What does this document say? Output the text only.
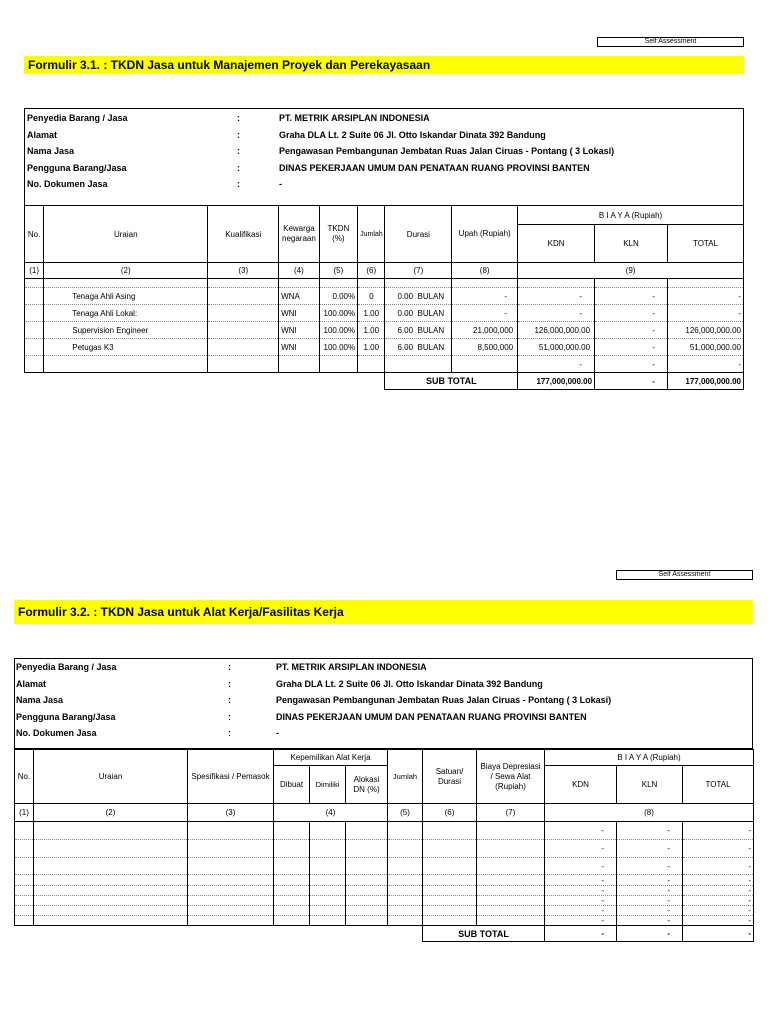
Self Assessment
Formulir 3.1. : TKDN Jasa untuk Manajemen Proyek dan Perekayasaan
Penyedia Barang / Jasa	:	PT. METRIK ARSIPLAN INDONESIA
Alamat	:	Graha DLA Lt. 2 Suite 06 Jl. Otto Iskandar Dinata 392 Bandung
Nama Jasa	:	Pengawasan Pembangunan Jembatan Ruas Jalan Ciruas - Pontang ( 3 Lokasi)
Pengguna Barang/Jasa	:	DINAS PEKERJAAN UMUM DAN PENATAAN RUANG PROVINSI BANTEN
No. Dokumen Jasa	:	-
No.	Uraian	Kualifikasi	Kewarga negaraan	TKDN (%)	Jumlah	Durasi	Upah (Rupiah)	B I A Y A (Rupiah)		
								KDN	KLN	TOTAL
(1)	(2)	(3)	(4)	(5)	(6)	(7)	(8)	(9)		

	Tenaga Ahli Asing		WNA	0.00%	0	0.00 BULAN	-	-	-	-
	Tenaga Ahli Lokal:		WNI	100.00%	1.00	0.00 BULAN	-	-	-	-
	Supervision Engineer		WNI	100.00%	1.00	6.00 BULAN	21,000,000	126,000,000.00	-	126,000,000.00
	Petugas K3		WNI	100.00%	1.00	6.00 BULAN	8,500,000	51,000,000.00	-	51,000,000.00
								-	-	-
						SUB TOTAL		177,000,000.00	-	177,000,000.00
Self Assessment
Formulir 3.2. : TKDN Jasa untuk Alat Kerja/Fasilitas Kerja
Penyedia Barang / Jasa	:	PT. METRIK ARSIPLAN INDONESIA
Alamat	:	Graha DLA Lt. 2 Suite 06 Jl. Otto Iskandar Dinata 392 Bandung
Nama Jasa	:	Pengawasan Pembangunan Jembatan Ruas Jalan Ciruas - Pontang ( 3 Lokasi)
Pengguna Barang/Jasa	:	DINAS PEKERJAAN UMUM DAN PENATAAN RUANG PROVINSI BANTEN
No. Dokumen Jasa	:	-
No.	Uraian	Spesifikasi / Pemasok	Kepemilikan Alat Kerja			Jumlah	Satuan/ Durasi	Biaya Depresiasi / Sewa Alat (Rupiah)	B I A Y A (Rupiah)		
			Dibuat	Dimiliki	Alokasi DN (%)				KDN	KLN	TOTAL
(1)	(2)	(3)	(4)			(5)	(6)	(7)	(8)		
									-	-	-
									-	-	-
									-	-	-
									-	-	-
									-	-	-
									-	-	-
									-	-	-
									-	-	-
							SUB TOTAL		-	-	-
